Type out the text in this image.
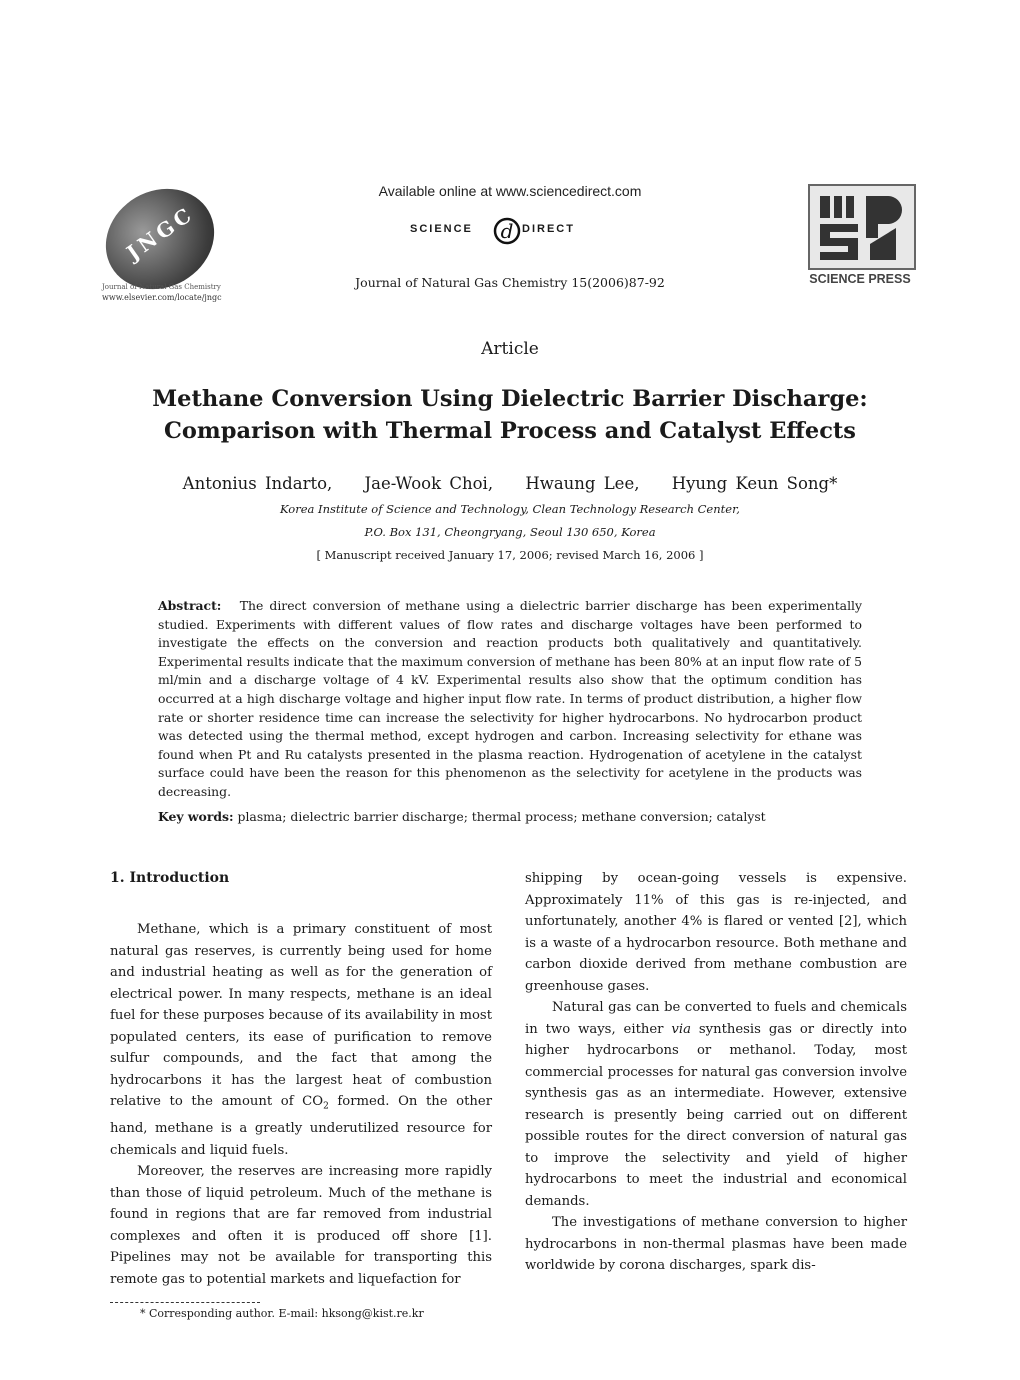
JNGC
Journal of Natural Gas Chemistry
www.elsevier.com/locate/jngc
Available online at www.sciencedirect.com
SCIENCE d DIRECT
Journal of Natural Gas Chemistry 15(2006)87-92	SCIENCE PRESS
Article
Methane Conversion Using Dielectric Barrier Discharge:
Comparison with Thermal Process and Catalyst Effects
Antonius Indarto, Jae-Wook Choi, Hwaung Lee, Hyung Keun Song*
Korea Institute of Science and Technology, Clean Technology Research Center,
P.O. Box 131, Cheongryang, Seoul 130 650, Korea
[ Manuscript received January 17, 2006; revised March 16, 2006 ]
Abstract: The direct conversion of methane using a dielectric barrier discharge has been experimentally studied. Experiments with different values of flow rates and discharge voltages have been performed to investigate the effects on the conversion and reaction products both qualitatively and quantitatively. Experimental results indicate that the maximum conversion of methane has been 80% at an input flow rate of 5 ml/min and a discharge voltage of 4 kV. Experimental results also show that the optimum condition has occurred at a high discharge voltage and higher input flow rate. In terms of product distribution, a higher flow rate or shorter residence time can increase the selectivity for higher hydrocarbons. No hydrocarbon product was detected using the thermal method, except hydrogen and carbon. Increasing selectivity for ethane was found when Pt and Ru catalysts presented in the plasma reaction. Hydrogenation of acetylene in the catalyst surface could have been the reason for this phenomenon as the selectivity for acetylene in the products was decreasing.
Key words: plasma; dielectric barrier discharge; thermal process; methane conversion; catalyst
1. Introduction

Methane, which is a primary constituent of most natural gas reserves, is currently being used for home and industrial heating as well as for the generation of electrical power. In many respects, methane is an ideal fuel for these purposes because of its availability in most populated centers, its ease of purification to remove sulfur compounds, and the fact that among the hydrocarbons it has the largest heat of combustion relative to the amount of $CO_2$ formed. On the other hand, methane is a greatly underutilized resource for chemicals and liquid fuels.

Moreover, the reserves are increasing more rapidly than those of liquid petroleum. Much of the methane is found in regions that are far removed from industrial complexes and often it is produced off shore [1]. Pipelines may not be available for transporting this remote gas to potential markets and liquefaction for

shipping by ocean-going vessels is expensive. Approximately 11% of this gas is re-injected, and unfortunately, another 4% is flared or vented [2], which is a waste of a hydrocarbon resource. Both methane and carbon dioxide derived from methane combustion are greenhouse gases.

Natural gas can be converted to fuels and chemicals in two ways, either via synthesis gas or directly into higher hydrocarbons or methanol. Today, most commercial processes for natural gas conversion involve synthesis gas as an intermediate. However, extensive research is presently being carried out on different possible routes for the direct conversion of natural gas to improve the selectivity and yield of higher hydrocarbons to meet the industrial and economical demands.

The investigations of methane conversion to higher hydrocarbons in non-thermal plasmas have been made worldwide by corona discharges, spark dis-

* Corresponding author. E-mail: hksong@kist.re.kr
